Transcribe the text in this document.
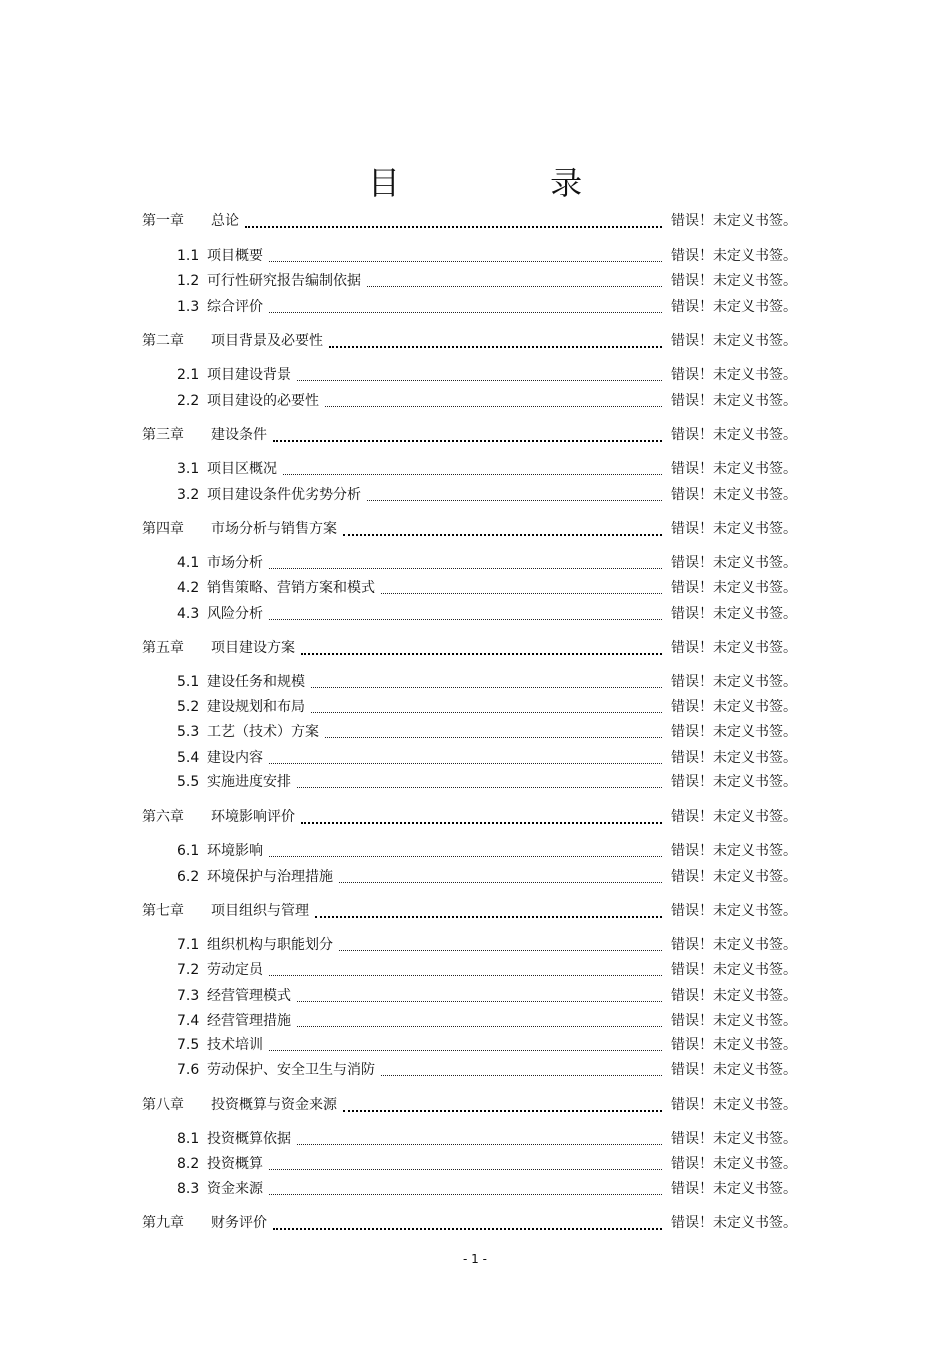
目 录
第一章 总论	错误！未定义书签。
1.1 项目概要	错误！未定义书签。
1.2 可行性研究报告编制依据	错误！未定义书签。
1.3 综合评价	错误！未定义书签。
第二章 项目背景及必要性	错误！未定义书签。
2.1 项目建设背景	错误！未定义书签。
2.2 项目建设的必要性	错误！未定义书签。
第三章 建设条件	错误！未定义书签。
3.1 项目区概况	错误！未定义书签。
3.2 项目建设条件优劣势分析	错误！未定义书签。
第四章 市场分析与销售方案	错误！未定义书签。
4.1 市场分析	错误！未定义书签。
4.2 销售策略、营销方案和模式	错误！未定义书签。
4.3 风险分析	错误！未定义书签。
第五章 项目建设方案	错误！未定义书签。
5.1 建设任务和规模	错误！未定义书签。
5.2 建设规划和布局	错误！未定义书签。
5.3 工艺（技术）方案	错误！未定义书签。
5.4 建设内容	错误！未定义书签。
5.5 实施进度安排	错误！未定义书签。
第六章 环境影响评价	错误！未定义书签。
6.1 环境影响	错误！未定义书签。
6.2 环境保护与治理措施	错误！未定义书签。
第七章 项目组织与管理	错误！未定义书签。
7.1 组织机构与职能划分	错误！未定义书签。
7.2 劳动定员	错误！未定义书签。
7.3 经营管理模式	错误！未定义书签。
7.4 经营管理措施	错误！未定义书签。
7.5 技术培训	错误！未定义书签。
7.6 劳动保护、安全卫生与消防	错误！未定义书签。
第八章 投资概算与资金来源	错误！未定义书签。
8.1 投资概算依据	错误！未定义书签。
8.2 投资概算	错误！未定义书签。
8.3 资金来源	错误！未定义书签。
第九章 财务评价	错误！未定义书签。
- 1 -
